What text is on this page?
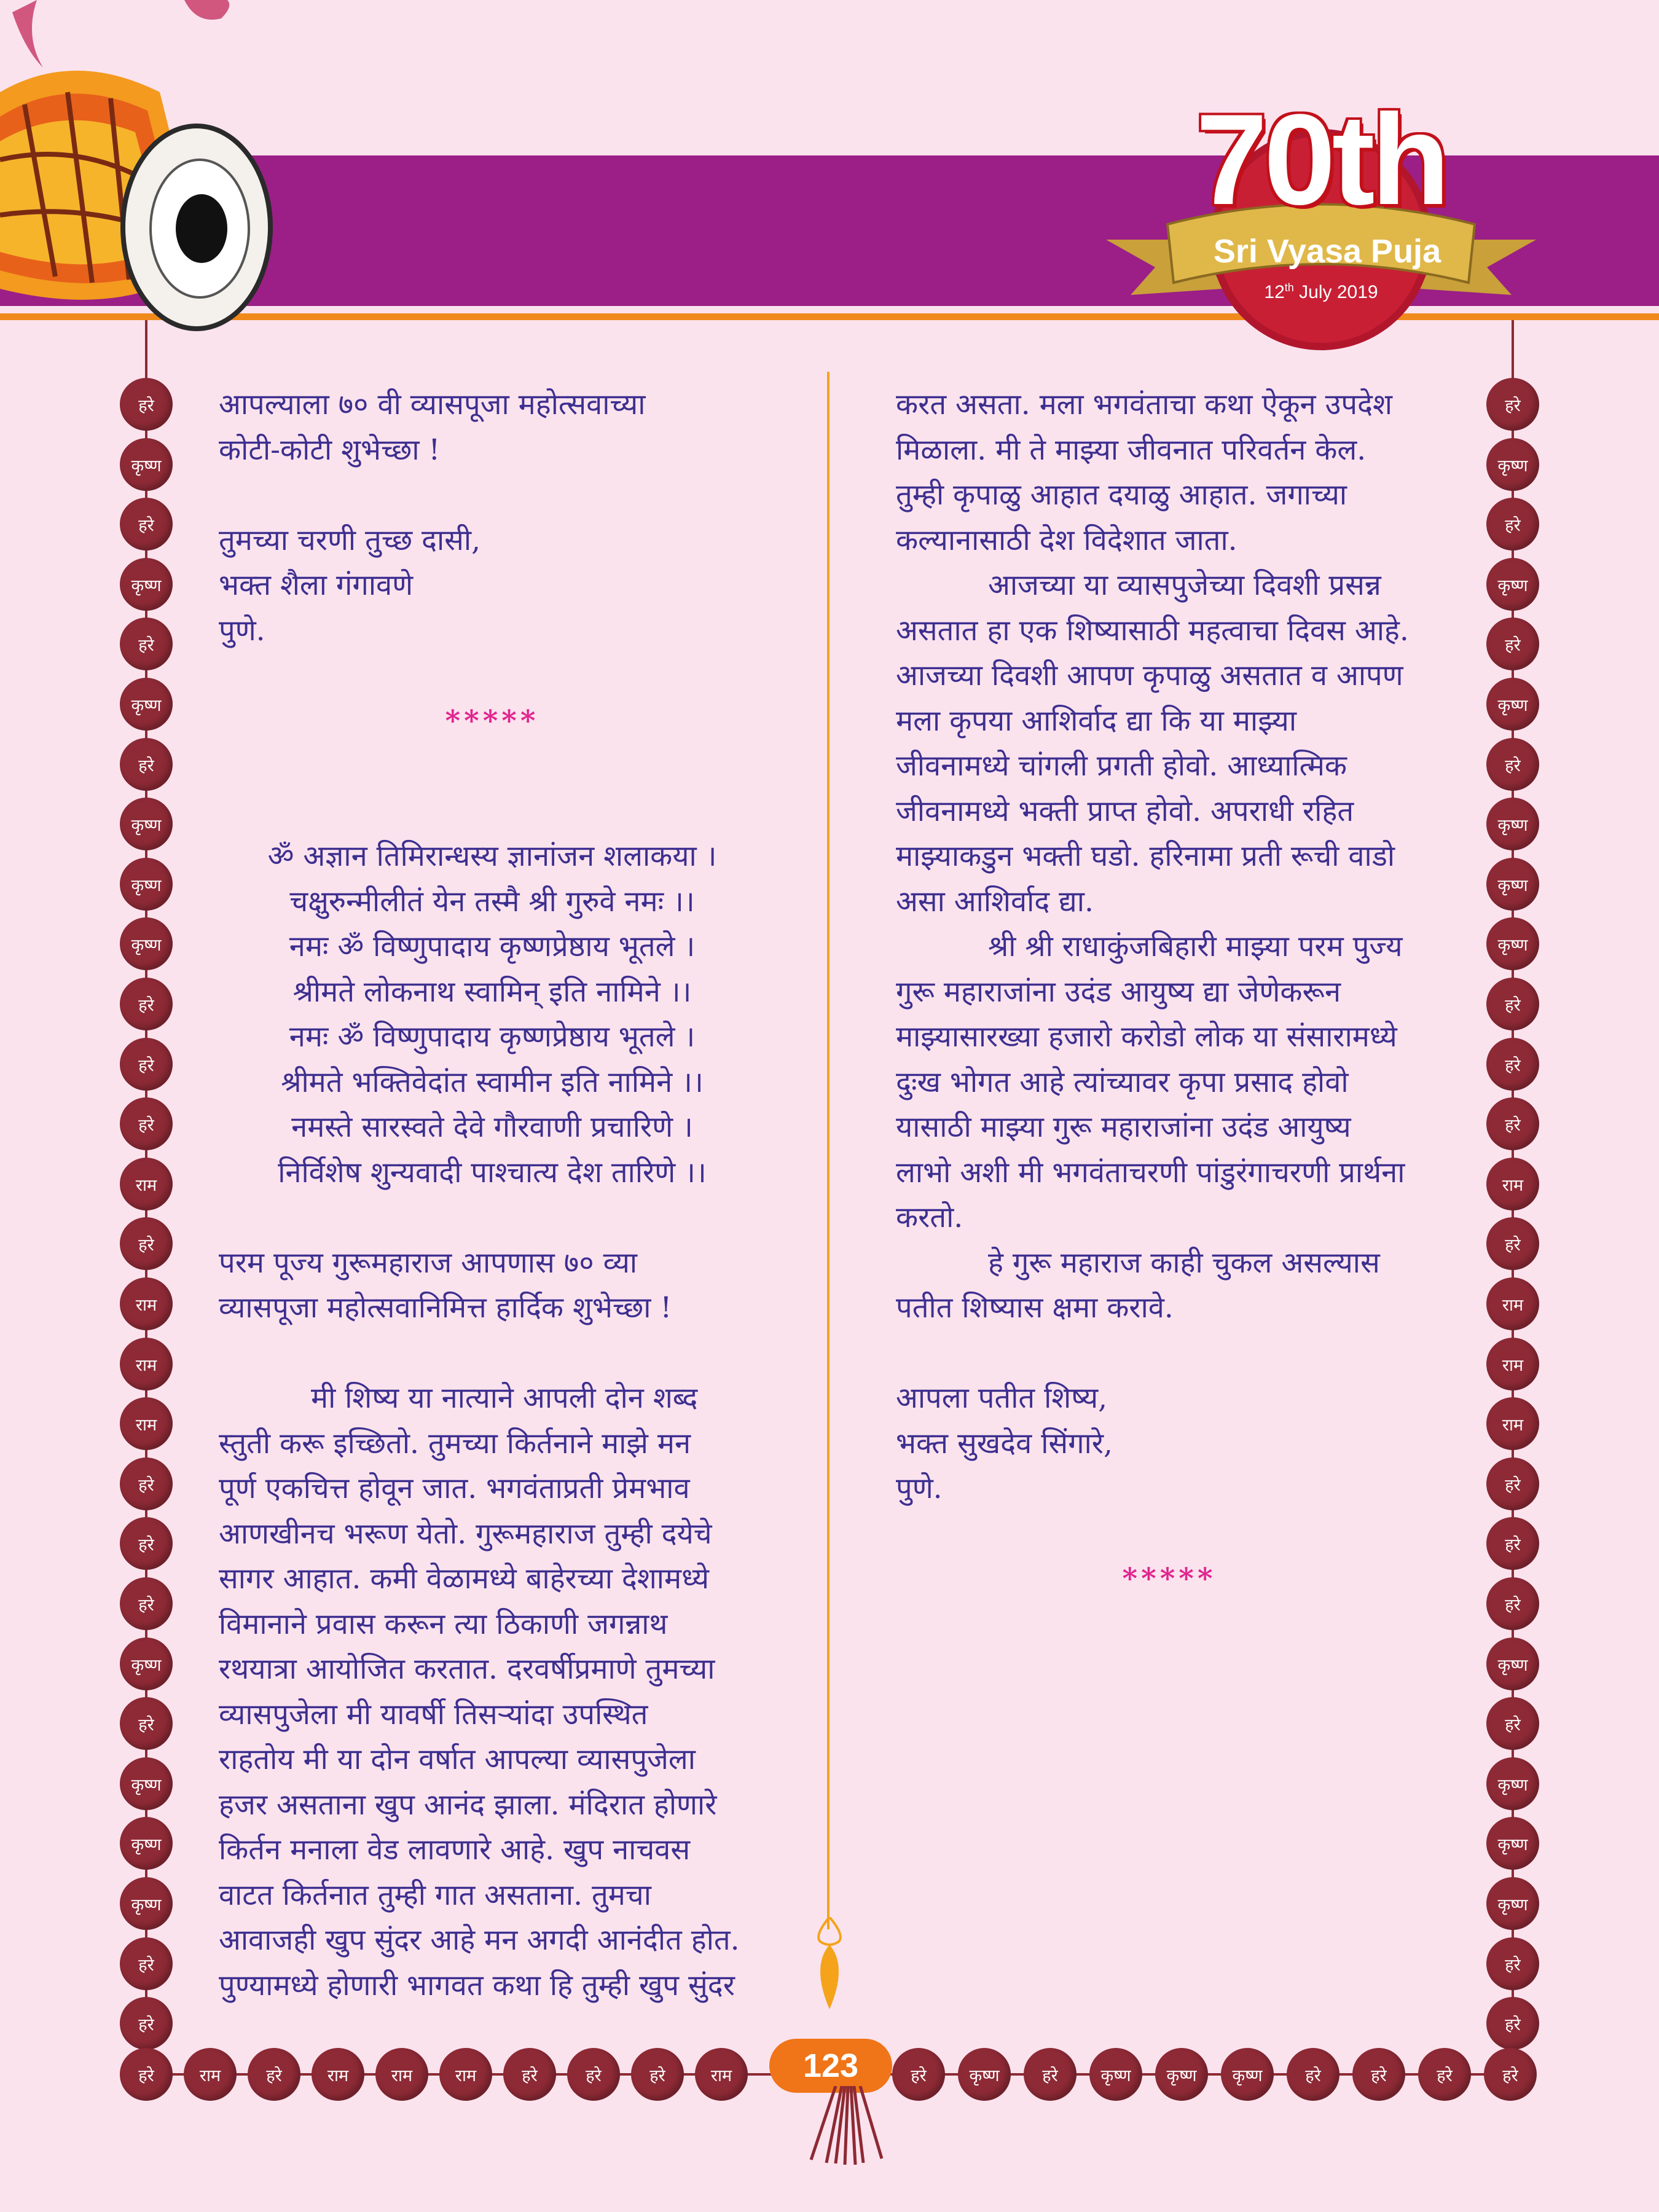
70th
Sri Vyasa Puja
12th July 2019
हरे
कृष्ण
हरे
कृष्ण
हरे
कृष्ण
हरे
कृष्ण
कृष्ण
कृष्ण
हरे
हरे
हरे
राम
हरे
राम
राम
राम
हरे
हरे
हरे
कृष्ण
हरे
कृष्ण
कृष्ण
कृष्ण
हरे
हरे
हरे
कृष्ण
हरे
कृष्ण
हरे
कृष्ण
हरे
कृष्ण
कृष्ण
कृष्ण
हरे
हरे
हरे
राम
हरे
राम
राम
राम
हरे
हरे
हरे
कृष्ण
हरे
कृष्ण
कृष्ण
कृष्ण
हरे
हरे
हरे	राम	हरे	राम	राम	राम	हरे	हरे	हरे	राम	हरे	कृष्ण	हरे	कृष्ण	कृष्ण	कृष्ण	हरे	हरे	हरे	हरे
123

आपल्याला ७० वी व्यासपूजा महोत्सवाच्या

कोटी-कोटी शुभेच्छा !

तुमच्या चरणी तुच्छ दासी,

भक्त शैला गंगावणे

पुणे.

*****

ॐ अज्ञान तिमिरान्धस्य ज्ञानांजन शलाकया ।

चक्षुरुन्मीलीतं येन तस्मै श्री गुरुवे नमः ।।

नमः ॐ विष्णुपादाय कृष्णप्रेष्ठाय भूतले ।

श्रीमते लोकनाथ स्वामिन् इति नामिने ।।

नमः ॐ विष्णुपादाय कृष्णप्रेष्ठाय भूतले ।

श्रीमते भक्तिवेदांत स्वामीन इति नामिने ।।

नमस्ते सारस्वते देवे गौरवाणी प्रचारिणे ।

निर्विशेष शुन्यवादी पाश्चात्य देश तारिणे ।।

परम पूज्य गुरूमहाराज आपणास ७० व्या

व्यासपूजा महोत्सवानिमित्त हार्दिक शुभेच्छा !

मी शिष्य या नात्याने आपली दोन शब्द

स्तुती करू इच्छितो. तुमच्या किर्तनाने माझे मन

पूर्ण एकचित्त होवून जात. भगवंताप्रती प्रेमभाव

आणखीनच भरूण येतो. गुरूमहाराज तुम्ही दयेचे

सागर आहात. कमी वेळामध्ये बाहेरच्या देशामध्ये

विमानाने प्रवास करून त्या ठिकाणी जगन्नाथ

रथयात्रा आयोजित करतात. दरवर्षीप्रमाणे तुमच्या

व्यासपुजेला मी यावर्षी तिसऱ्यांदा उपस्थित

राहतोय मी या दोन वर्षात आपल्या व्यासपुजेला

हजर असताना खुप आनंद झाला. मंदिरात होणारे

किर्तन मनाला वेड लावणारे आहे. खुप नाचवस

वाटत किर्तनात तुम्ही गात असताना. तुमचा

आवाजही खुप सुंदर आहे मन अगदी आनंदीत होत.

पुण्यामध्ये होणारी भागवत कथा हि तुम्ही खुप सुंदर

करत असता. मला भगवंताचा कथा ऐकून उपदेश

मिळाला. मी ते माझ्या जीवनात परिवर्तन केल.

तुम्ही कृपाळु आहात दयाळु आहात. जगाच्या

कल्यानासाठी देश विदेशात जाता.

आजच्या या व्यासपुजेच्या दिवशी प्रसन्न

असतात हा एक शिष्यासाठी महत्वाचा दिवस आहे.

आजच्या दिवशी आपण कृपाळु असतात व आपण

मला कृपया आशिर्वाद द्या कि या माझ्या

जीवनामध्ये चांगली प्रगती होवो. आध्यात्मिक

जीवनामध्ये भक्ती प्राप्त होवो. अपराधी रहित

माझ्याकडुन भक्ती घडो. हरिनामा प्रती रूची वाडो

असा आशिर्वाद द्या.

श्री श्री राधाकुंजबिहारी माझ्या परम पुज्य

गुरू महाराजांना उदंड आयुष्य द्या जेणेकरून

माझ्यासारख्या हजारो करोडो लोक या संसारामध्ये

दुःख भोगत आहे त्यांच्यावर कृपा प्रसाद होवो

यासाठी माझ्या गुरू महाराजांना उदंड आयुष्य

लाभो अशी मी भगवंताचरणी पांडुरंगाचरणी प्रार्थना

करतो.

हे गुरू महाराज काही चुकल असल्यास

पतीत शिष्यास क्षमा करावे.

आपला पतीत शिष्य,

भक्त सुखदेव सिंगारे,

पुणे.

*****
